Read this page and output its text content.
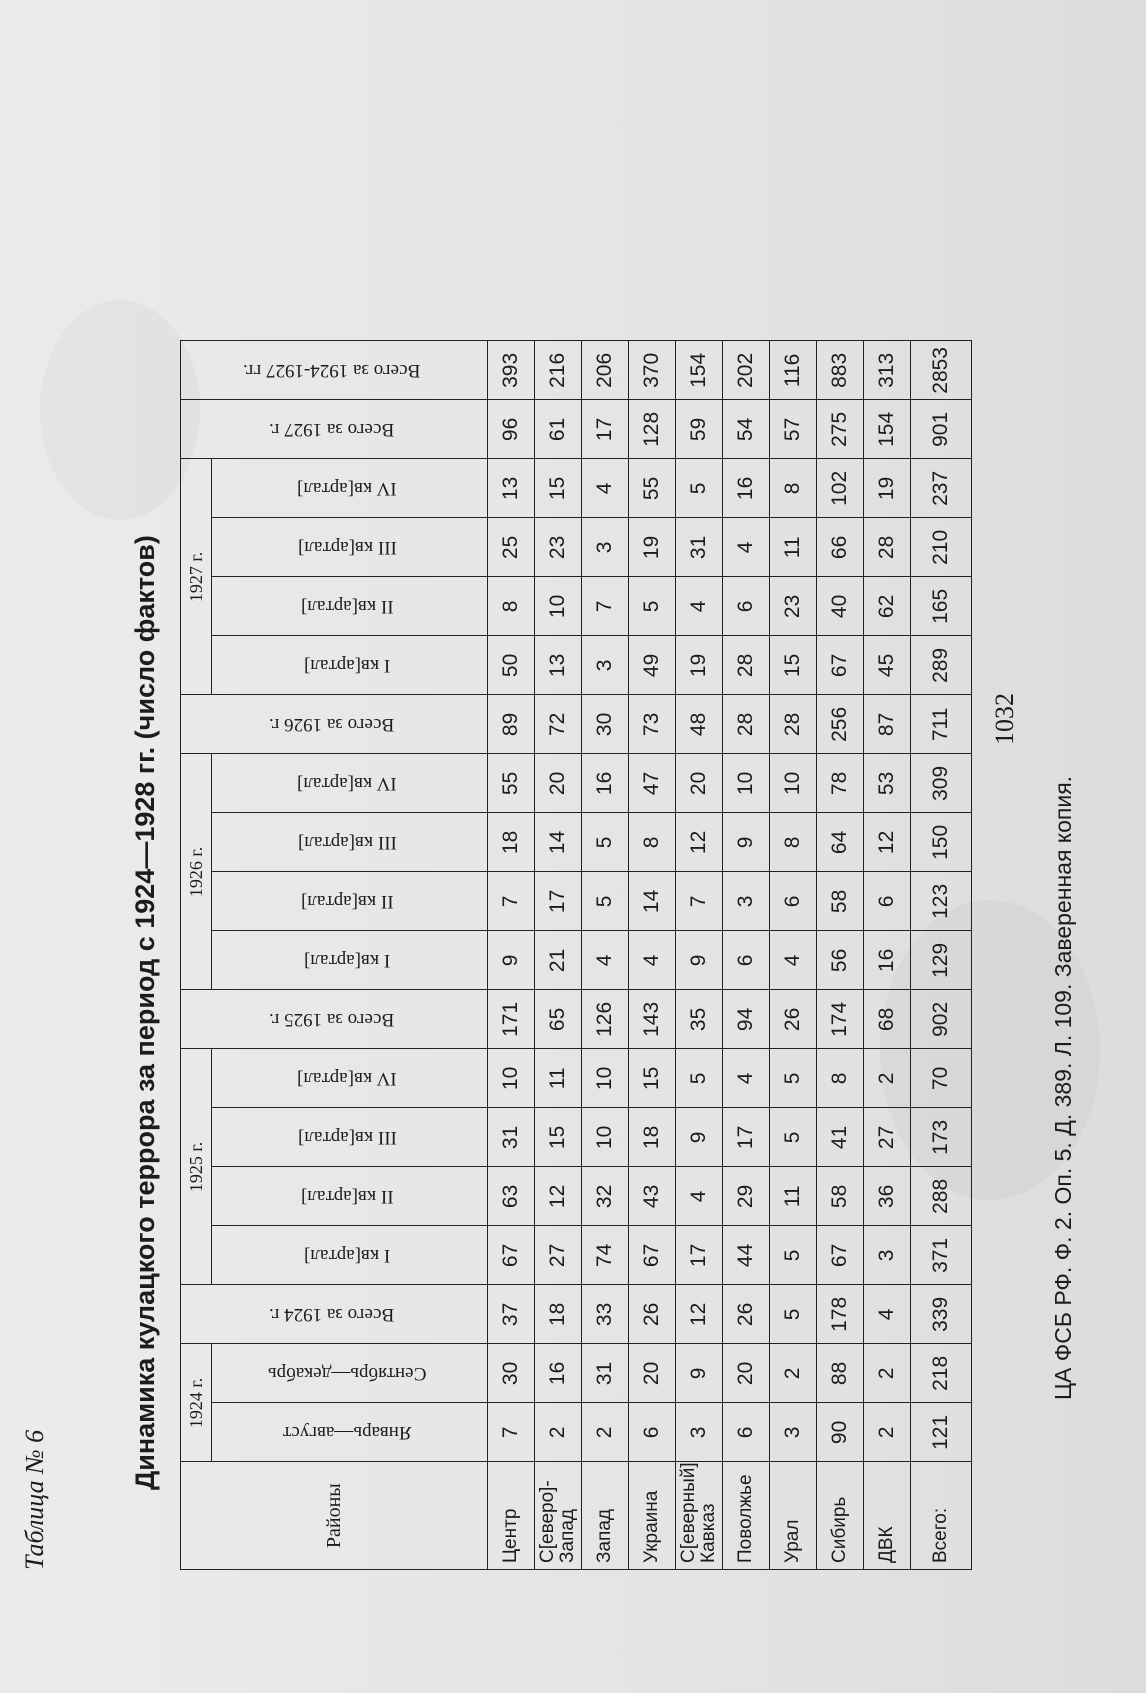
Таблица № 6
Динамика кулацкого террора за период с 1924—1928 гг. (число фактов)
Районы	1924 г.		Всего за 1924 г.	1925 г.				Всего за 1925 г.	1926 г.				Всего за 1926 г.	1927 г.				Всего за 1927 г.	Всего за 1924-1927 гг.
	Январь—август	Сентябрь—декабрь		I кв[артал]	II кв[артал]	III кв[артал]	IV кв[артал]		I кв[артал]	II кв[артал]	III кв[артал]	IV кв[артал]		I кв[артал]	II кв[артал]	III кв[артал]	IV кв[артал]		
Центр	7	30	37	67	63	31	10	171	9	7	18	55	89	50	8	25	13	96	393
С[еверо]-Запад	2	16	18	27	12	15	11	65	21	17	14	20	72	13	10	23	15	61	216
Запад	2	31	33	74	32	10	10	126	4	5	5	16	30	3	7	3	4	17	206
Украина	6	20	26	67	43	18	15	143	4	14	8	47	73	49	5	19	55	128	370
С[еверный] Кавказ	3	9	12	17	4	9	5	35	9	7	12	20	48	19	4	31	5	59	154
Поволжье	6	20	26	44	29	17	4	94	6	3	9	10	28	28	6	4	16	54	202
Урал	3	2	5	5	11	5	5	26	4	6	8	10	28	15	23	11	8	57	116
Сибирь	90	88	178	67	58	41	8	174	56	58	64	78	256	67	40	66	102	275	883
ДВК	2	2	4	3	36	27	2	68	16	6	12	53	87	45	62	28	19	154	313
Всего:	121	218	339	371	288	173	70	902	129	123	150	309	711	289	165	210	237	901	2853
1032
ЦА ФСБ РФ. Ф. 2. Оп. 5. Д. 389. Л. 109. Заверенная копия.
